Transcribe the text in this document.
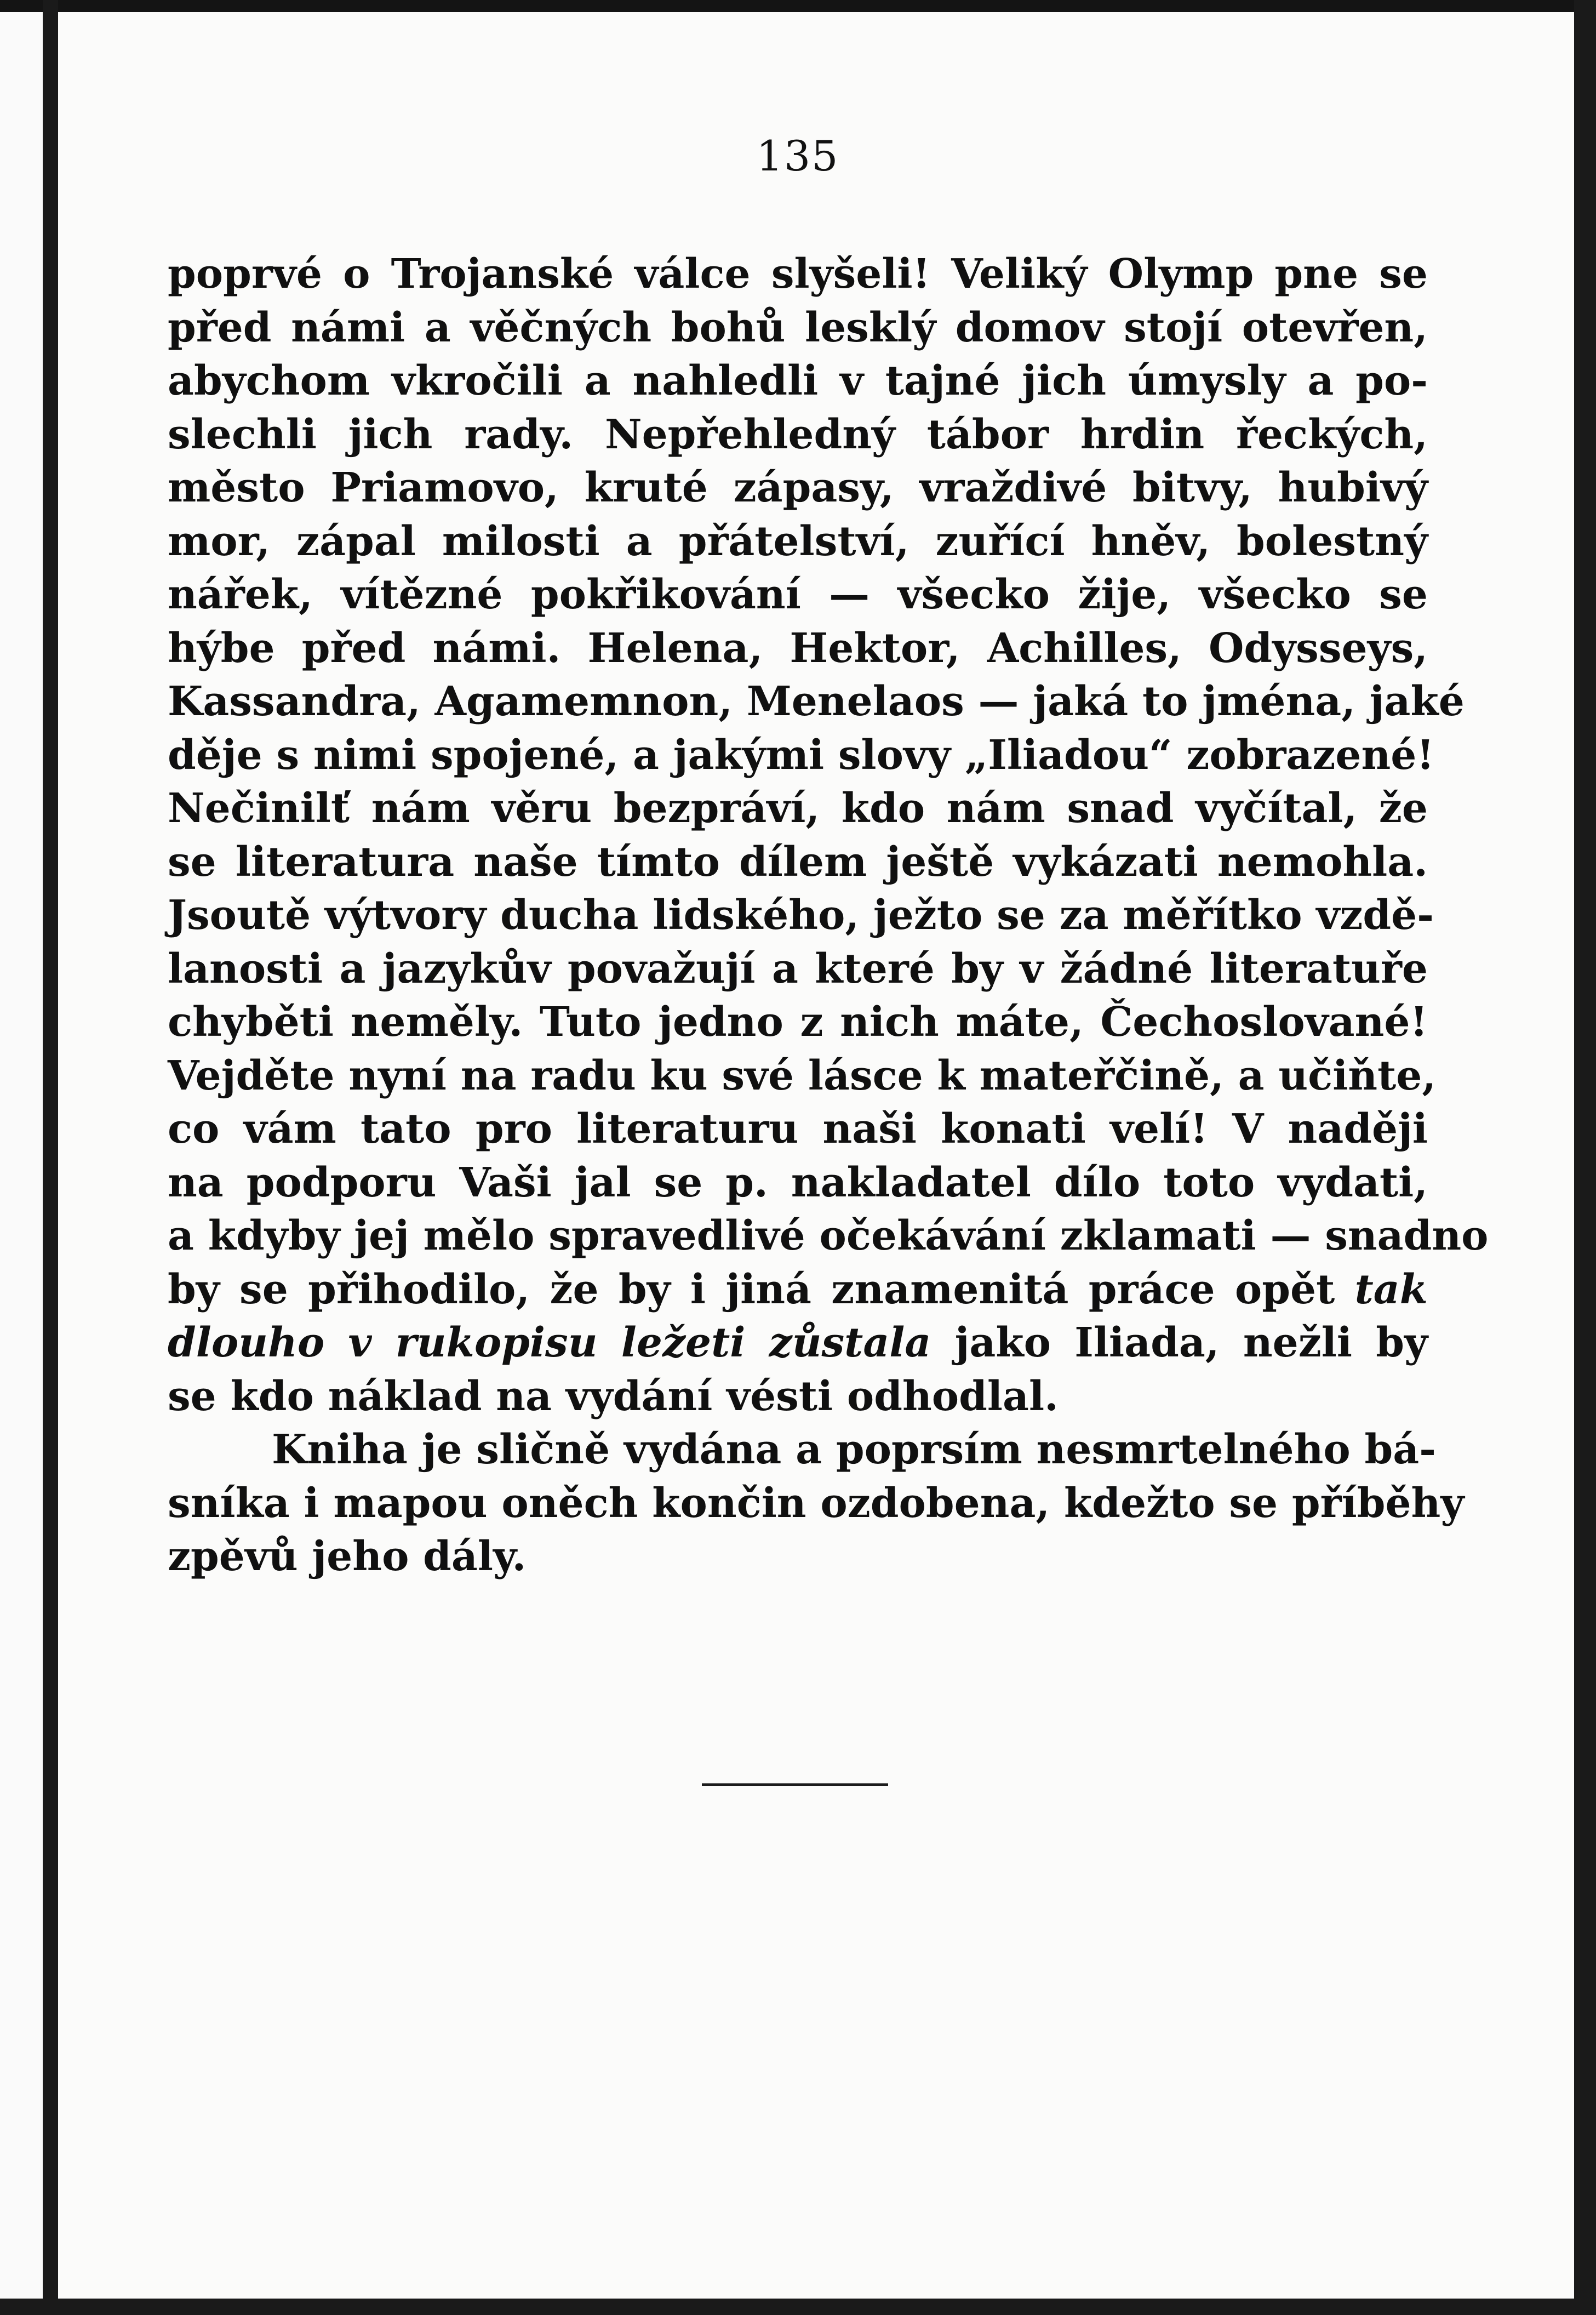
135
poprvé o Trojanské válce slyšeli! Veliký Olymp pne se
před námi a věčných bohů lesklý domov stojí otevřen,
abychom vkročili a nahledli v tajné jich úmysly a po-
slechli jich rady. Nepřehledný tábor hrdin řeckých,
město Priamovo, kruté zápasy, vraždivé bitvy, hubivý
mor, zápal milosti a přátelství, zuřící hněv, bolestný
nářek, vítězné pokřikování — všecko žije, všecko se
hýbe před námi. Helena, Hektor, Achilles, Odysseys,
Kassandra, Agamemnon, Menelaos — jaká to jména, jaké
děje s nimi spojené, a jakými slovy „Iliadou“ zobrazené!
Nečinilť nám věru bezpráví, kdo nám snad vyčítal, že
se literatura naše tímto dílem ještě vykázati nemohla.
Jsoutě výtvory ducha lidského, ježto se za měřítko vzdě-
lanosti a jazykův považují a které by v žádné literatuře
chyběti neměly. Tuto jedno z nich máte, Čechoslované!
Vejděte nyní na radu ku své lásce k mateřčině, a učiňte,
co vám tato pro literaturu naši konati velí! V naději
na podporu Vaši jal se p. nakladatel dílo toto vydati,
a kdyby jej mělo spravedlivé očekávání zklamati — snadno
by se přihodilo, že by i jiná znamenitá práce opět tak
dlouho v rukopisu ležeti zůstala jako Iliada, nežli by
se kdo náklad na vydání vésti odhodlal.
Kniha je sličně vydána a poprsím nesmrtelného bá-
sníka i mapou oněch končin ozdobena, kdežto se příběhy
zpěvů jeho dály.
